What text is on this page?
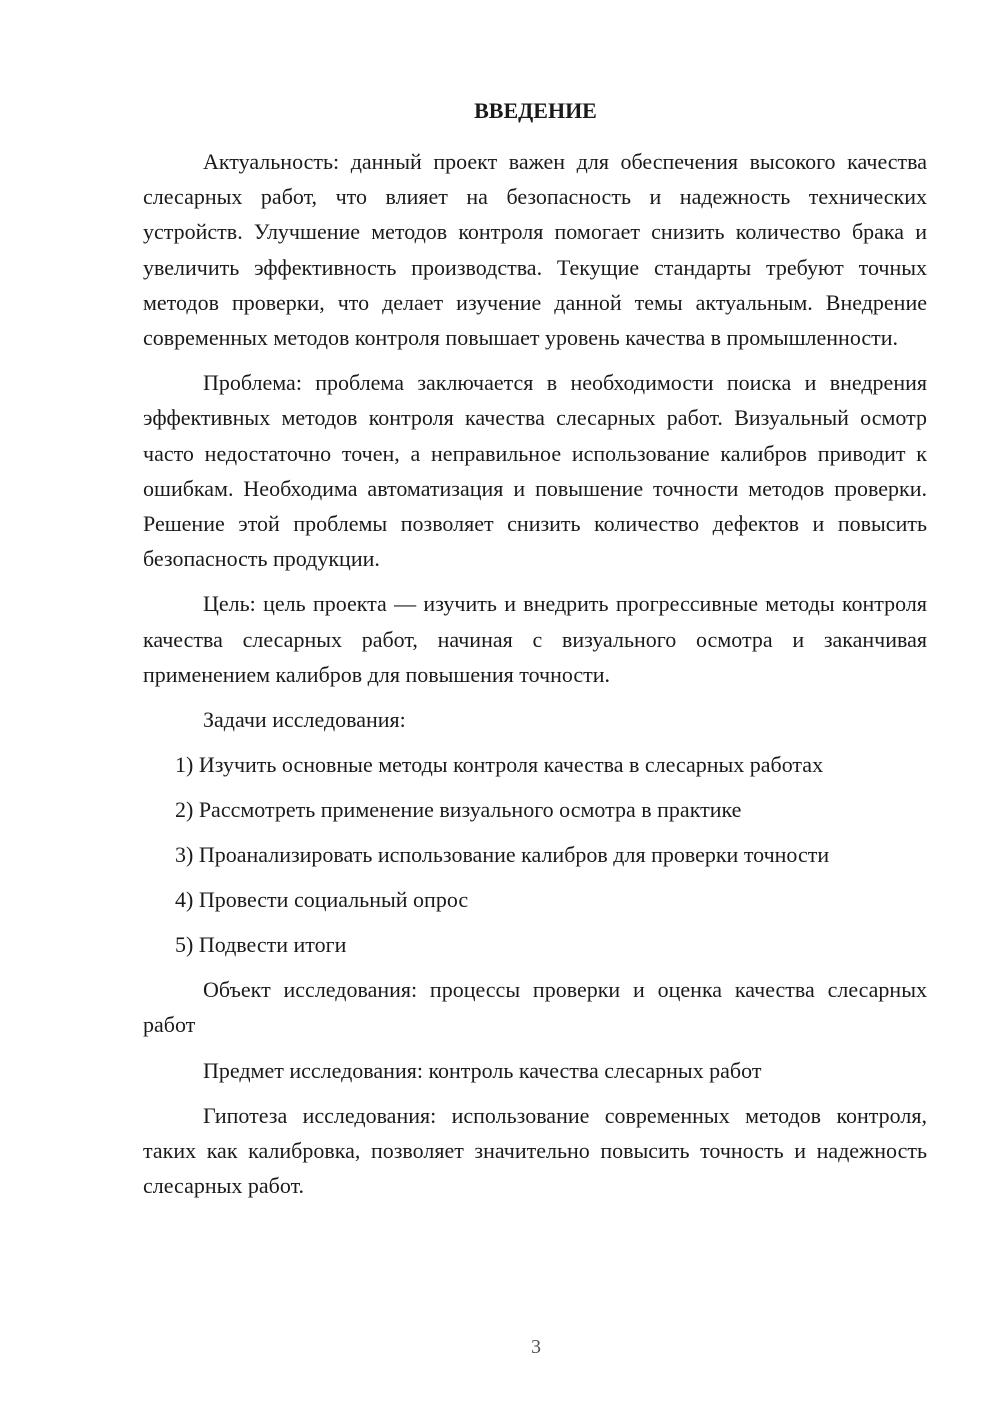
ВВЕДЕНИЕ

Актуальность: данный проект важен для обеспечения высокого качества слесарных работ, что влияет на безопасность и надежность технических устройств. Улучшение методов контроля помогает снизить количество брака и увеличить эффективность производства. Текущие стандарты требуют точных методов проверки, что делает изучение данной темы актуальным. Внедрение современных методов контроля повышает уровень качества в промышленности.

Проблема: проблема заключается в необходимости поиска и внедрения эффективных методов контроля качества слесарных работ. Визуальный осмотр часто недостаточно точен, а неправильное использование калибров приводит к ошибкам. Необходима автоматизация и повышение точности методов проверки. Решение этой проблемы позволяет снизить количество дефектов и повысить безопасность продукции.

Цель: цель проекта — изучить и внедрить прогрессивные методы контроля качества слесарных работ, начиная с визуального осмотра и заканчивая применением калибров для повышения точности.

Задачи исследования:

1) Изучить основные методы контроля качества в слесарных работах
2) Рассмотреть применение визуального осмотра в практике
3) Проанализировать использование калибров для проверки точности
4) Провести социальный опрос
5) Подвести итоги

Объект исследования: процессы проверки и оценка качества слесарных работ

Предмет исследования: контроль качества слесарных работ

Гипотеза исследования: использование современных методов контроля, таких как калибровка, позволяет значительно повысить точность и надежность слесарных работ.

3
